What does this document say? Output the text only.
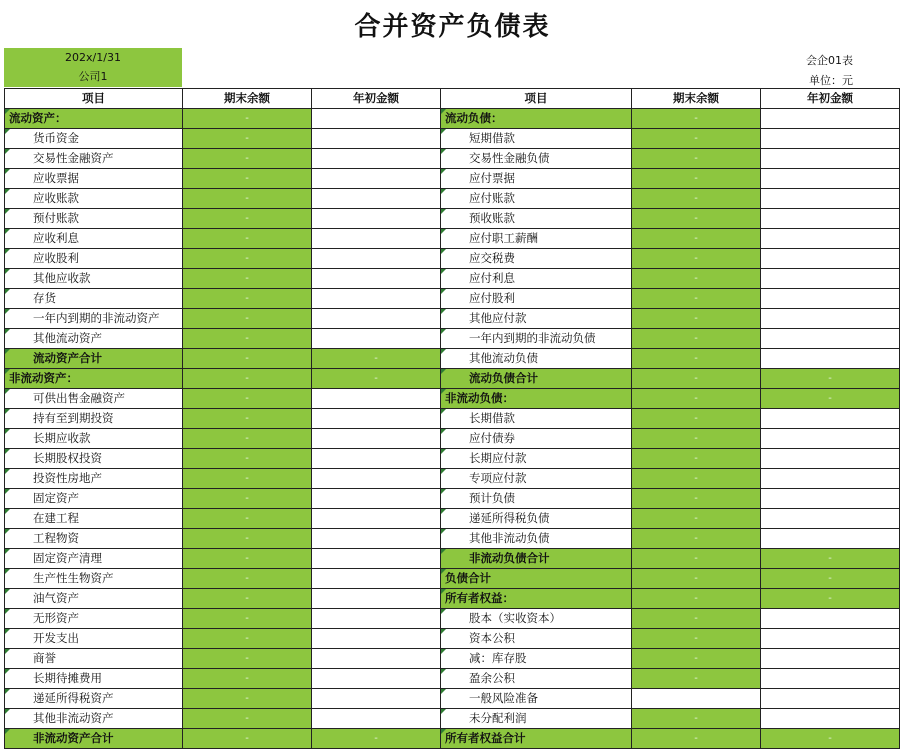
合并资产负债表
202x/1/31
公司1
会企01表
单位：元
项目	期末余额	年初金额	项目	期末余额	年初金额
流动资产：	-		流动负债：	-	
货币资金	-		短期借款	-	
交易性金融资产	-		交易性金融负债	-	
应收票据	-		应付票据	-	
应收账款	-		应付账款	-	
预付账款	-		预收账款	-	
应收利息	-		应付职工薪酬	-	
应收股利	-		应交税费	-	
其他应收款	-		应付利息	-	
存货	-		应付股利	-	
一年内到期的非流动资产	-		其他应付款	-	
其他流动资产	-		一年内到期的非流动负债	-	
流动资产合计	-	-	其他流动负债	-	
非流动资产：	-	-	流动负债合计	-	-
可供出售金融资产	-		非流动负债：	-	-
持有至到期投资	-		长期借款	-	
长期应收款	-		应付债券	-	
长期股权投资	-		长期应付款	-	
投资性房地产	-		专项应付款	-	
固定资产	-		预计负债	-	
在建工程	-		递延所得税负债	-	
工程物资	-		其他非流动负债	-	
固定资产清理	-		非流动负债合计	-	-
生产性生物资产	-		负债合计	-	-
油气资产	-		所有者权益：	-	-
无形资产	-		股本（实收资本）	-	
开发支出	-		资本公积	-	
商誉	-		减：库存股	-	
长期待摊费用	-		盈余公积	-	
递延所得税资产	-		一般风险准备		
其他非流动资产	-		未分配利润	-	
非流动资产合计	-	-	所有者权益合计	-	-
